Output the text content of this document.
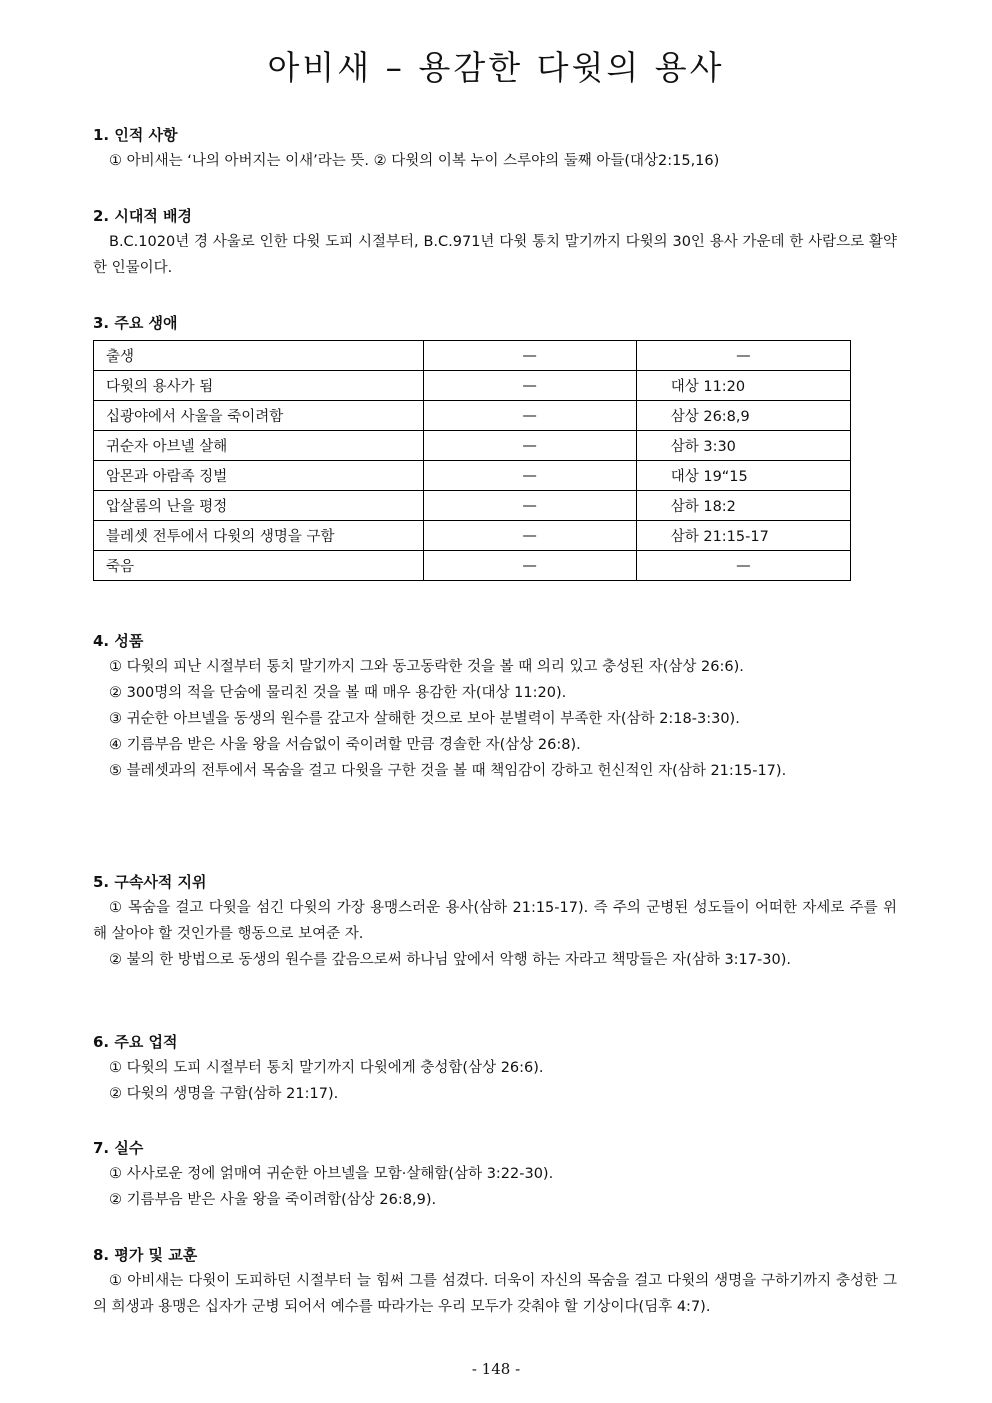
아비새 – 용감한 다윗의 용사

1. 인적 사항

① 아비새는 ‘나의 아버지는 이새’라는 뜻. ② 다윗의 이복 누이 스루야의 둘째 아들(대상2:15,16)

2. 시대적 배경

B.C.1020년 경 사울로 인한 다윗 도피 시절부터, B.C.971년 다윗 통치 말기까지 다윗의 30인 용사 가운데 한 사람으로 활약한 인물이다.

3. 주요 생애

출생	—	—
다윗의 용사가 됨	—	대상 11:20
십광야에서 사울을 죽이려함	—	삼상 26:8,9
귀순자 아브넬 살해	—	삼하 3:30
암몬과 아람족 징벌	—	대상 19“15
압살롬의 난을 평정	—	삼하 18:2
블레셋 전투에서 다윗의 생명을 구함	—	삼하 21:15-17
죽음	—	—

4. 성품

① 다윗의 피난 시절부터 통치 말기까지 그와 동고동락한 것을 볼 때 의리 있고 충성된 자(삼상 26:6).

② 300명의 적을 단숨에 물리친 것을 볼 때 매우 용감한 자(대상 11:20).

③ 귀순한 아브넬을 동생의 원수를 갚고자 살해한 것으로 보아 분별력이 부족한 자(삼하 2:18-3:30).

④ 기름부음 받은 사울 왕을 서슴없이 죽이려할 만큼 경솔한 자(삼상 26:8).

⑤ 블레셋과의 전투에서 목숨을 걸고 다윗을 구한 것을 볼 때 책임감이 강하고 헌신적인 자(삼하 21:15-17).

5. 구속사적 지위

① 목숨을 걸고 다윗을 섬긴 다윗의 가장 용맹스러운 용사(삼하 21:15-17). 즉 주의 군병된 성도들이 어떠한 자세로 주를 위해 살아야 할 것인가를 행동으로 보여준 자.

② 불의 한 방법으로 동생의 원수를 갚음으로써 하나님 앞에서 악행 하는 자라고 책망들은 자(삼하 3:17-30).

6. 주요 업적

① 다윗의 도피 시절부터 통치 말기까지 다윗에게 충성함(삼상 26:6).

② 다윗의 생명을 구함(삼하 21:17).

7. 실수

① 사사로운 정에 얽매여 귀순한 아브넬을 모함·살해함(삼하 3:22-30).

② 기름부음 받은 사울 왕을 죽이려함(삼상 26:8,9).

8. 평가 및 교훈

① 아비새는 다윗이 도피하던 시절부터 늘 힘써 그를 섬겼다. 더욱이 자신의 목숨을 걸고 다윗의 생명을 구하기까지 충성한 그의 희생과 용맹은 십자가 군병 되어서 예수를 따라가는 우리 모두가 갖춰야 할 기상이다(딤후 4:7).

- 148 -
